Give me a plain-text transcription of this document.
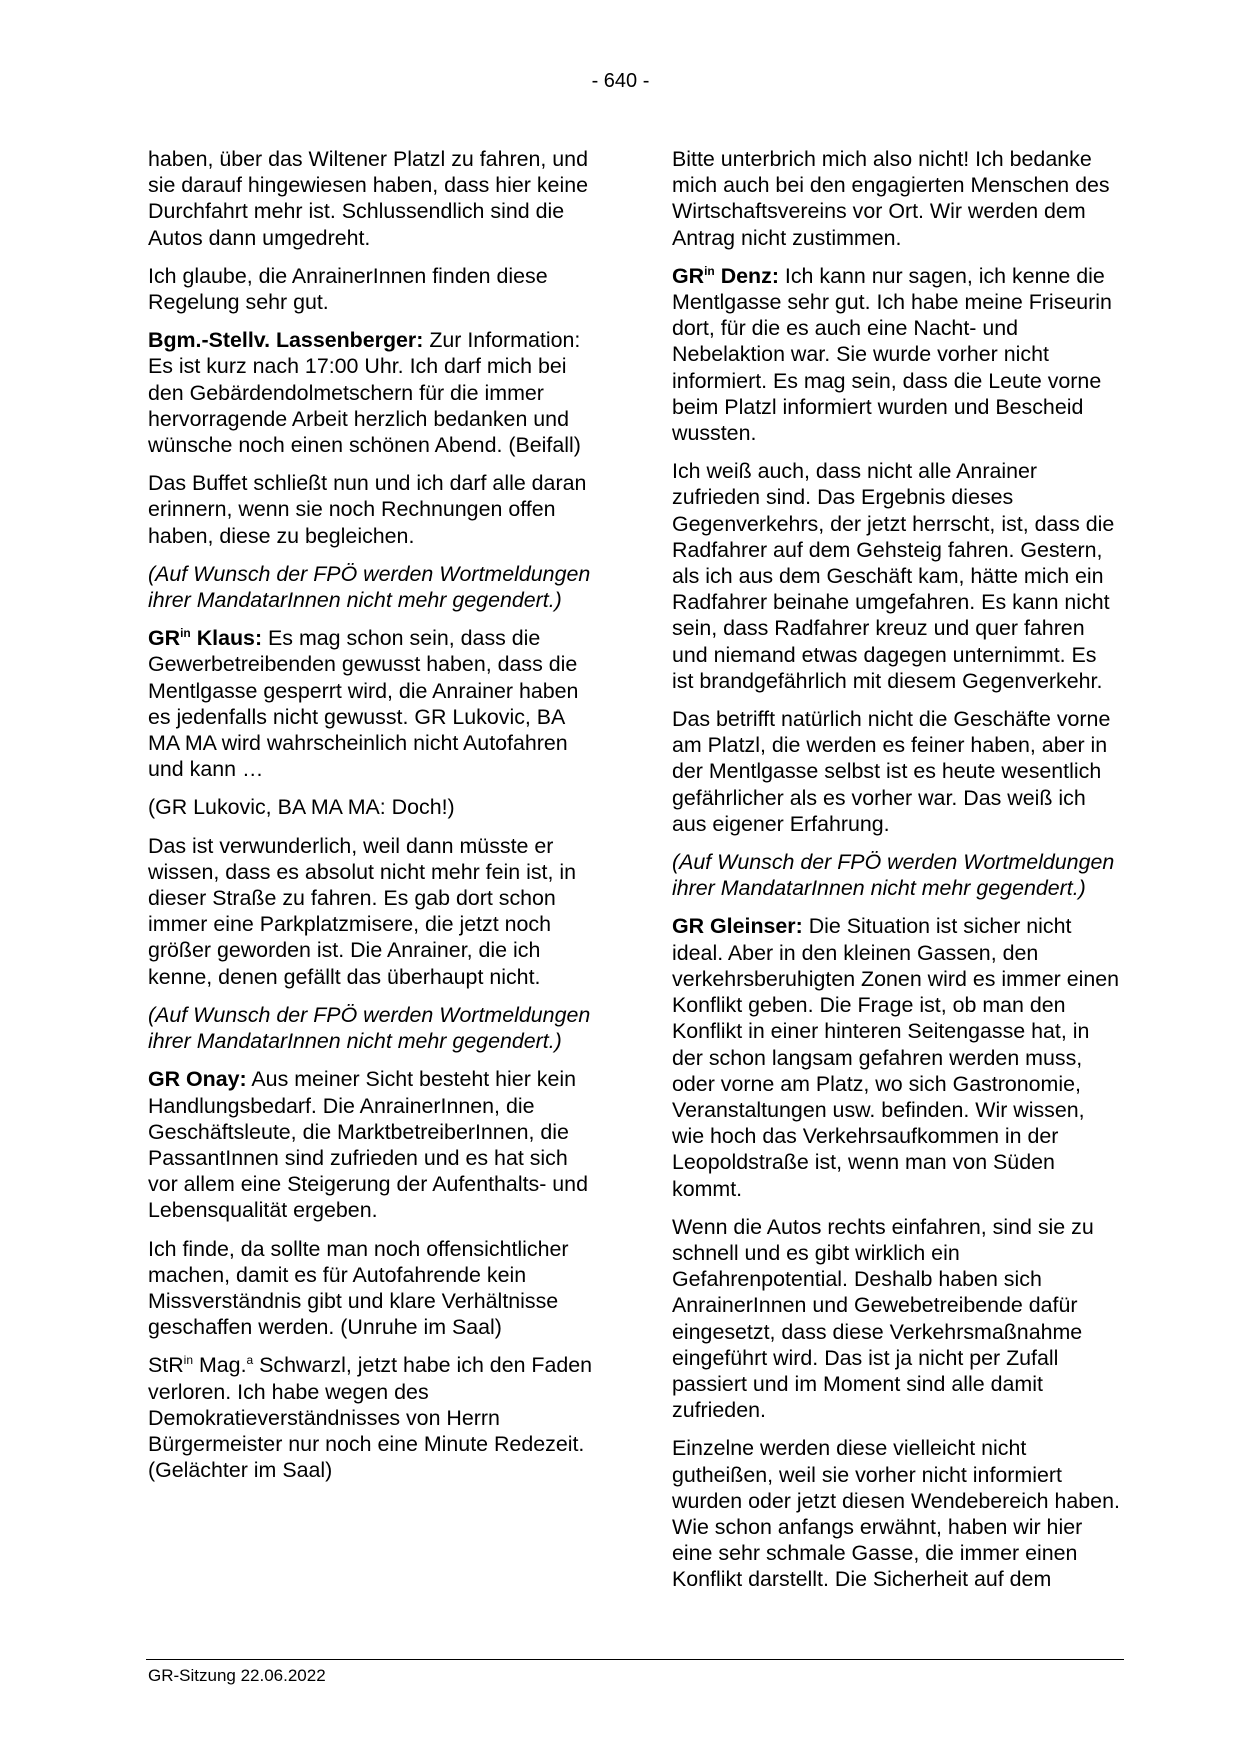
- 640 -

haben, über das Wiltener Platzl zu fahren, und sie darauf hingewiesen haben, dass hier keine Durchfahrt mehr ist. Schlussendlich sind die Autos dann umgedreht.

Ich glaube, die AnrainerInnen finden diese Regelung sehr gut.

Bgm.-Stellv. Lassenberger: Zur Information: Es ist kurz nach 17:00 Uhr. Ich darf mich bei den Gebärdendolmetschern für die immer hervorragende Arbeit herzlich bedanken und wünsche noch einen schönen Abend. (Beifall)

Das Buffet schließt nun und ich darf alle daran erinnern, wenn sie noch Rechnungen offen haben, diese zu begleichen.

(Auf Wunsch der FPÖ werden Wortmeldungen ihrer MandatarInnen nicht mehr gegendert.)

$GR^{in}$ Klaus: Es mag schon sein, dass die Gewerbetreibenden gewusst haben, dass die Mentlgasse gesperrt wird, die Anrainer haben es jedenfalls nicht gewusst. GR Lukovic, BA MA MA wird wahrscheinlich nicht Autofahren und kann …

(GR Lukovic, BA MA MA: Doch!)

Das ist verwunderlich, weil dann müsste er wissen, dass es absolut nicht mehr fein ist, in dieser Straße zu fahren. Es gab dort schon immer eine Parkplatzmisere, die jetzt noch größer geworden ist. Die Anrainer, die ich kenne, denen gefällt das überhaupt nicht.

(Auf Wunsch der FPÖ werden Wortmeldungen ihrer MandatarInnen nicht mehr gegendert.)

GR Onay: Aus meiner Sicht besteht hier kein Handlungsbedarf. Die AnrainerInnen, die Geschäftsleute, die MarktbetreiberInnen, die PassantInnen sind zufrieden und es hat sich vor allem eine Steigerung der Aufenthalts- und Lebensqualität ergeben.

Ich finde, da sollte man noch offensichtlicher machen, damit es für Autofahrende kein Missverständnis gibt und klare Verhältnisse geschaffen werden. (Unruhe im Saal)

StR$^{in}$ Mag.$^a$ Schwarzl, jetzt habe ich den Faden verloren. Ich habe wegen des Demokratieverständnisses von Herrn Bürgermeister nur noch eine Minute Redezeit. (Gelächter im Saal)

Bitte unterbrich mich also nicht! Ich bedanke mich auch bei den engagierten Menschen des Wirtschaftsvereins vor Ort. Wir werden dem Antrag nicht zustimmen.

$GR^{in}$ Denz: Ich kann nur sagen, ich kenne die Mentlgasse sehr gut. Ich habe meine Friseurin dort, für die es auch eine Nacht- und Nebelaktion war. Sie wurde vorher nicht informiert. Es mag sein, dass die Leute vorne beim Platzl informiert wurden und Bescheid wussten.

Ich weiß auch, dass nicht alle Anrainer zufrieden sind. Das Ergebnis dieses Gegenverkehrs, der jetzt herrscht, ist, dass die Radfahrer auf dem Gehsteig fahren. Gestern, als ich aus dem Geschäft kam, hätte mich ein Radfahrer beinahe umgefahren. Es kann nicht sein, dass Radfahrer kreuz und quer fahren und niemand etwas dagegen unternimmt. Es ist brandgefährlich mit diesem Gegenverkehr.

Das betrifft natürlich nicht die Geschäfte vorne am Platzl, die werden es feiner haben, aber in der Mentlgasse selbst ist es heute wesentlich gefährlicher als es vorher war. Das weiß ich aus eigener Erfahrung.

(Auf Wunsch der FPÖ werden Wortmeldungen ihrer MandatarInnen nicht mehr gegendert.)

GR Gleinser: Die Situation ist sicher nicht ideal. Aber in den kleinen Gassen, den verkehrsberuhigten Zonen wird es immer einen Konflikt geben. Die Frage ist, ob man den Konflikt in einer hinteren Seitengasse hat, in der schon langsam gefahren werden muss, oder vorne am Platz, wo sich Gastronomie, Veranstaltungen usw. befinden. Wir wissen, wie hoch das Verkehrsaufkommen in der Leopoldstraße ist, wenn man von Süden kommt.

Wenn die Autos rechts einfahren, sind sie zu schnell und es gibt wirklich ein Gefahrenpotential. Deshalb haben sich AnrainerInnen und Gewebetreibende dafür eingesetzt, dass diese Verkehrsmaßnahme eingeführt wird. Das ist ja nicht per Zufall passiert und im Moment sind alle damit zufrieden.

Einzelne werden diese vielleicht nicht gutheißen, weil sie vorher nicht informiert wurden oder jetzt diesen Wendebereich haben. Wie schon anfangs erwähnt, haben wir hier eine sehr schmale Gasse, die immer einen Konflikt darstellt. Die Sicherheit auf dem

GR-Sitzung 22.06.2022
